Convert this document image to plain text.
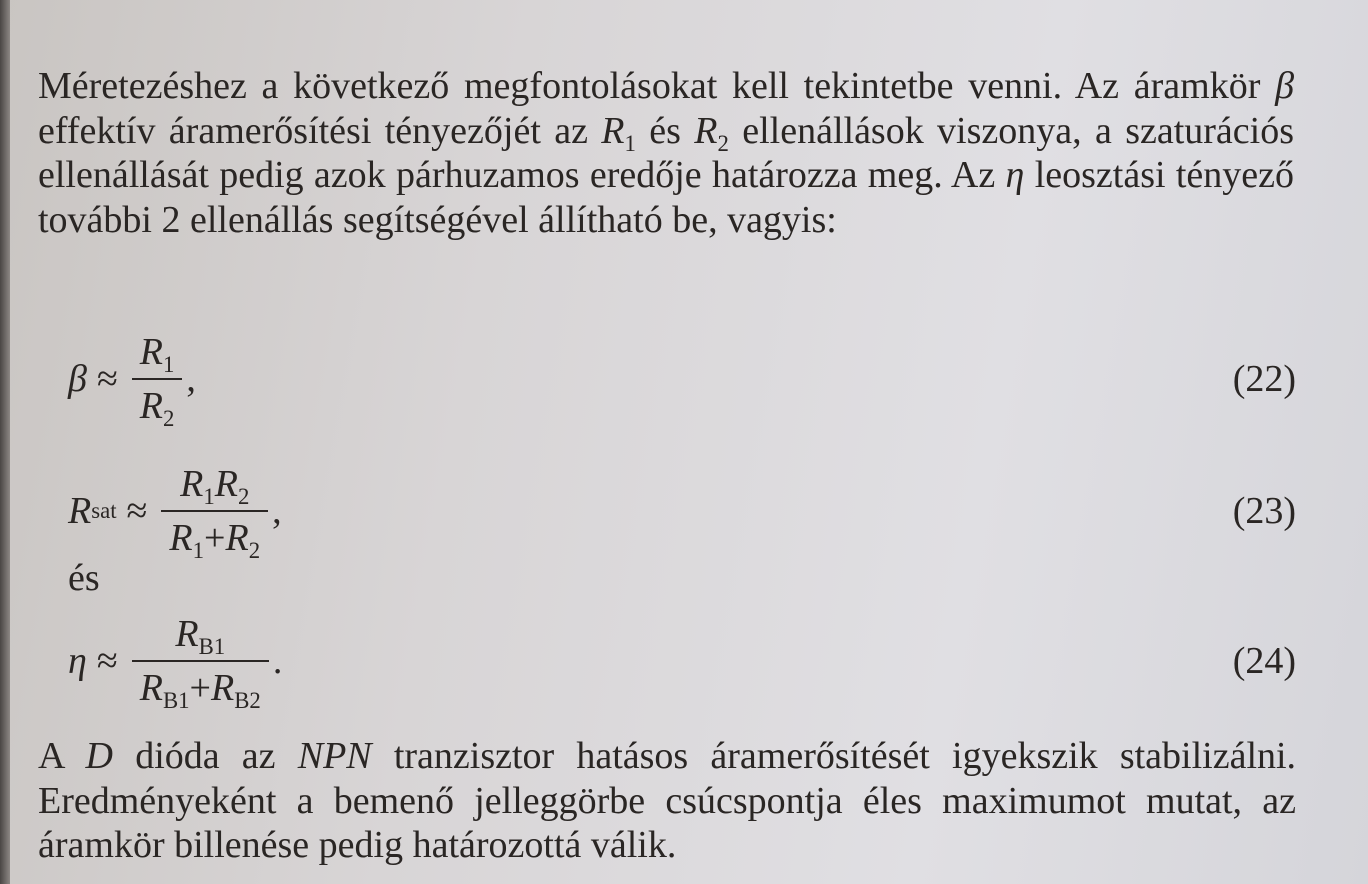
Méretezéshez a következő megfontolásokat kell tekintetbe venni. Az áramkör β effektív áramerősítési tényezőjét az $R_1$ és $R_2$ ellenállások viszonya, a szaturációs ellenállását pedig azok párhuzamos eredője határozza meg. Az η leosztási tényező további 2 ellenállás segítségével állítható be, vagyis:

$\beta \approx \frac{R_1}{R_2}$ ,	(22)
R sat ≈ $\frac{R_1R_2}{R_1+R_2}$ ,	(23)
és
$\eta \approx \frac{R_{B1}}{R_{B1}+R_{B2}}$ .	(24)

A D dióda az NPN tranzisztor hatásos áramerősítését igyekszik stabilizálni. Eredményeként a bemenő jelleggörbe csúcspontja éles maximumot mutat, az áramkör billenése pedig határozottá válik.
